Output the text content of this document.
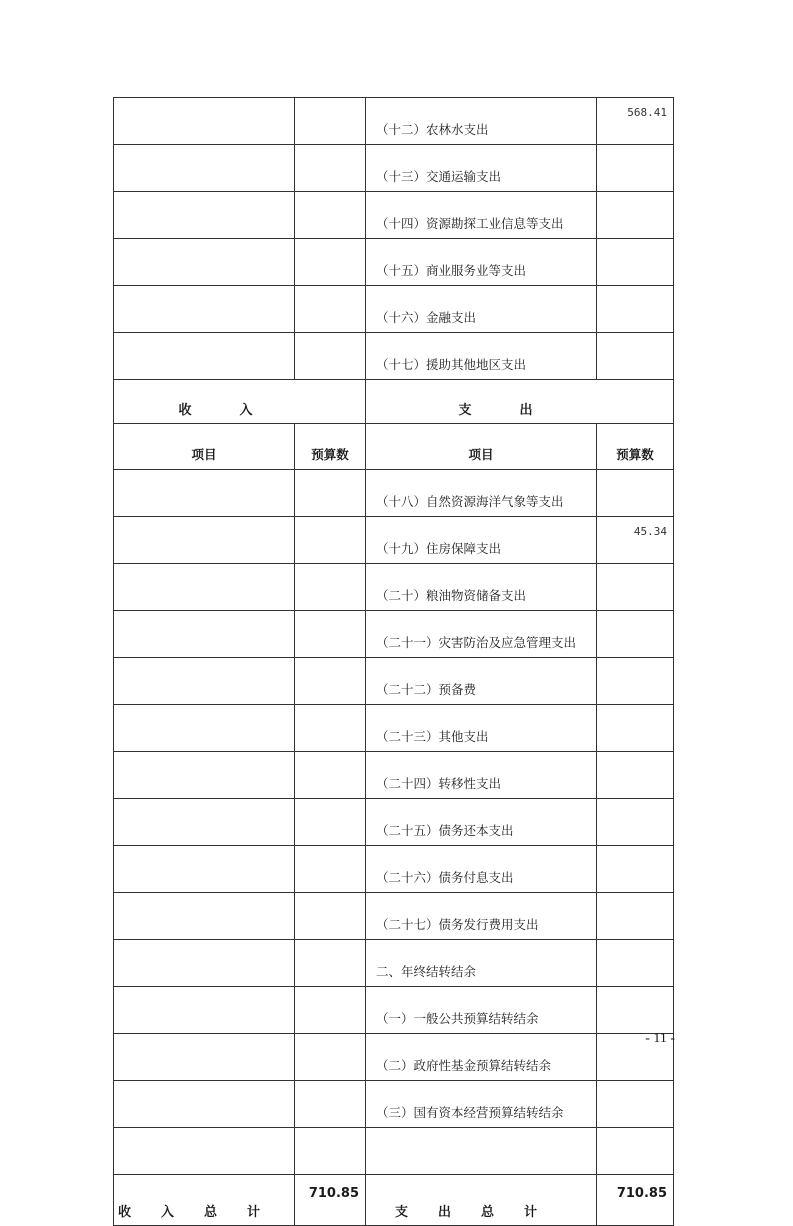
		（十二）农林水支出	568.41
		（十三）交通运输支出	
		（十四）资源勘探工业信息等支出	
		（十五）商业服务业等支出	
		（十六）金融支出	
		（十七）援助其他地区支出	
收入		支出	
项目	预算数	项目	预算数
		（十八）自然资源海洋气象等支出	
		（十九）住房保障支出	45.34
		（二十）粮油物资储备支出	
		（二十一）灾害防治及应急管理支出	
		（二十二）预备费	
		（二十三）其他支出	
		（二十四）转移性支出	
		（二十五）债务还本支出	
		（二十六）债务付息支出	
		（二十七）债务发行费用支出	
		二、年终结转结余	
		（一）一般公共预算结转结余	
		（二）政府性基金预算结转结余	
		（三）国有资本经营预算结转结余	

收入总计	710.85	支出总计	710.85
- 11 -
